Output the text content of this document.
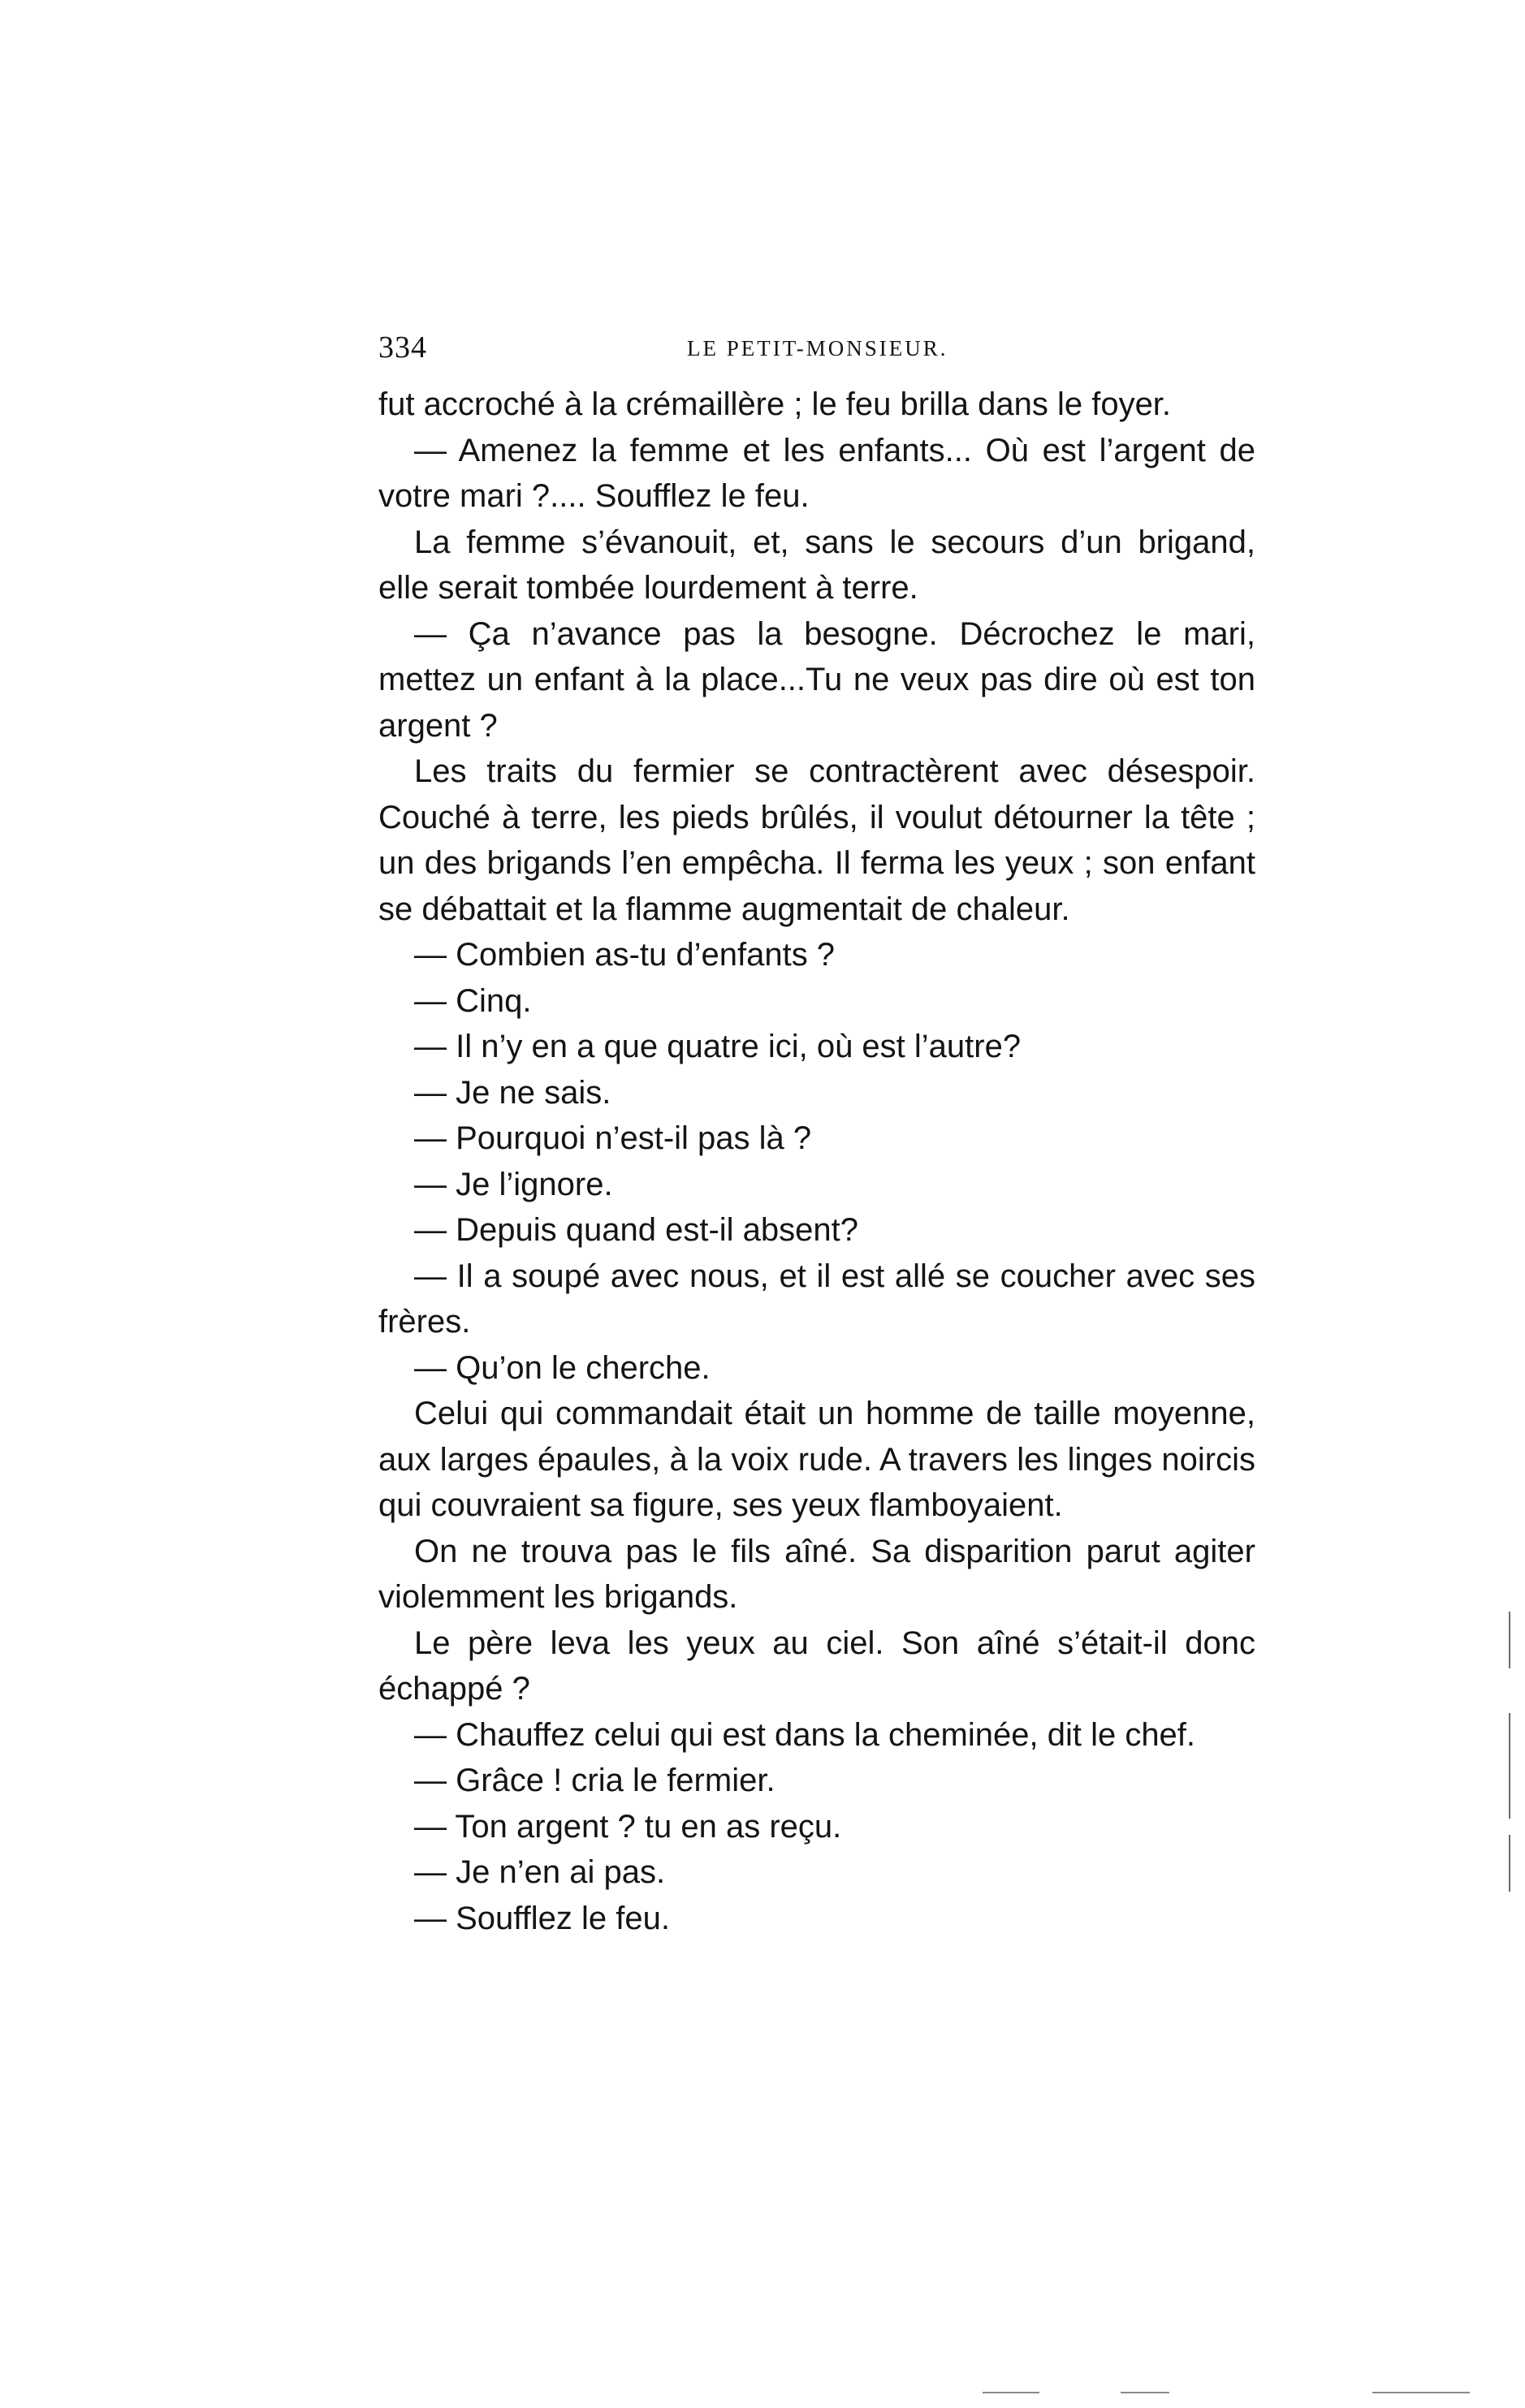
334	LE PETIT-MONSIEUR.

fut accroché à la crémaillère ; le feu brilla dans le foyer.

— Amenez la femme et les enfants... Où est l’argent de votre mari ?.... Soufflez le feu.

La femme s’évanouit, et, sans le secours d’un brigand, elle serait tombée lourdement à terre.

— Ça n’avance pas la besogne. Décrochez le mari, mettez un enfant à la place...Tu ne veux pas dire où est ton argent ?

Les traits du fermier se contractèrent avec désespoir. Couché à terre, les pieds brûlés, il voulut détourner la tête ; un des brigands l’en empêcha. Il ferma les yeux ; son enfant se débattait et la flamme augmentait de chaleur.

— Combien as-tu d’enfants ?

— Cinq.

— Il n’y en a que quatre ici, où est l’autre?

— Je ne sais.

— Pourquoi n’est-il pas là ?

— Je l’ignore.

— Depuis quand est-il absent?

— Il a soupé avec nous, et il est allé se coucher avec ses frères.

— Qu’on le cherche.

Celui qui commandait était un homme de taille moyenne, aux larges épaules, à la voix rude. A travers les linges noircis qui couvraient sa figure, ses yeux flamboyaient.

On ne trouva pas le fils aîné. Sa disparition parut agiter violemment les brigands.

Le père leva les yeux au ciel. Son aîné s’était-il donc échappé ?

— Chauffez celui qui est dans la cheminée, dit le chef.

— Grâce ! cria le fermier.

— Ton argent ? tu en as reçu.

— Je n’en ai pas.

— Soufflez le feu.
